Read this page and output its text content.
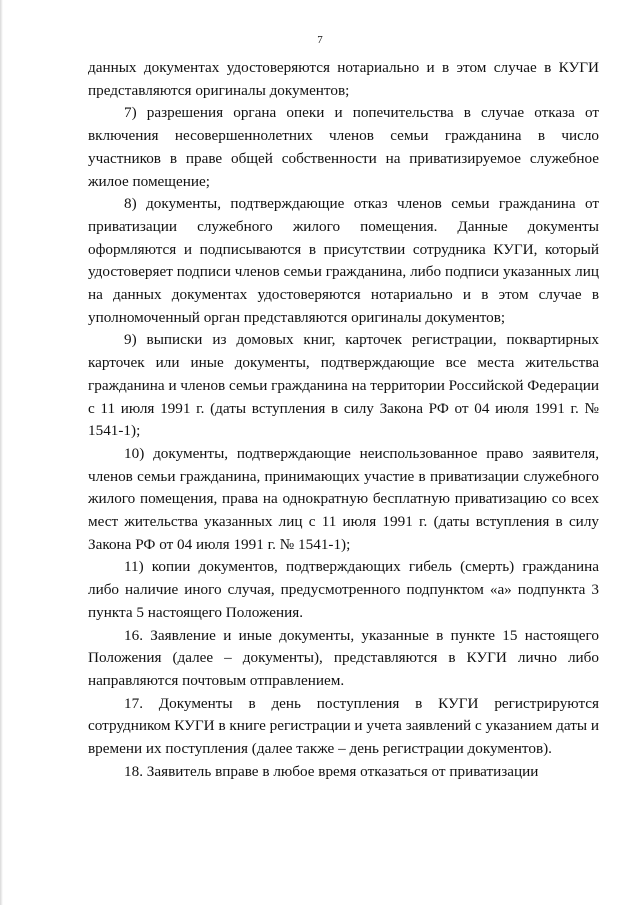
7

данных документах удостоверяются нотариально и в этом случае в КУГИ представляются оригиналы документов;

7) разрешения органа опеки и попечительства в случае отказа от включения несовершеннолетних членов семьи гражданина в число участников в праве общей собственности на приватизируемое служебное жилое помещение;

8) документы, подтверждающие отказ членов семьи гражданина от приватизации служебного жилого помещения. Данные документы оформляются и подписываются в присутствии сотрудника КУГИ, который удостоверяет подписи членов семьи гражданина, либо подписи указанных лиц на данных документах удостоверяются нотариально и в этом случае в уполномоченный орган представляются оригиналы документов;

9) выписки из домовых книг, карточек регистрации, поквартирных карточек или иные документы, подтверждающие все места жительства гражданина и членов семьи гражданина на территории Российской Федерации с 11 июля 1991 г. (даты вступления в силу Закона РФ от 04 июля 1991 г. № 1541-1);

10) документы, подтверждающие неиспользованное право заявителя, членов семьи гражданина, принимающих участие в приватизации служебного жилого помещения, права на однократную бесплатную приватизацию со всех мест жительства указанных лиц с 11 июля 1991 г. (даты вступления в силу Закона РФ от 04 июля 1991 г. № 1541-1);

11) копии документов, подтверждающих гибель (смерть) гражданина либо наличие иного случая, предусмотренного подпунктом «а» подпункта 3 пункта 5 настоящего Положения.

16. Заявление и иные документы, указанные в пункте 15 настоящего Положения (далее – документы), представляются в КУГИ лично либо направляются почтовым отправлением.

17. Документы в день поступления в КУГИ регистрируются сотрудником КУГИ в книге регистрации и учета заявлений с указанием даты и времени их поступления (далее также – день регистрации документов).

18. Заявитель вправе в любое время отказаться от приватизации
